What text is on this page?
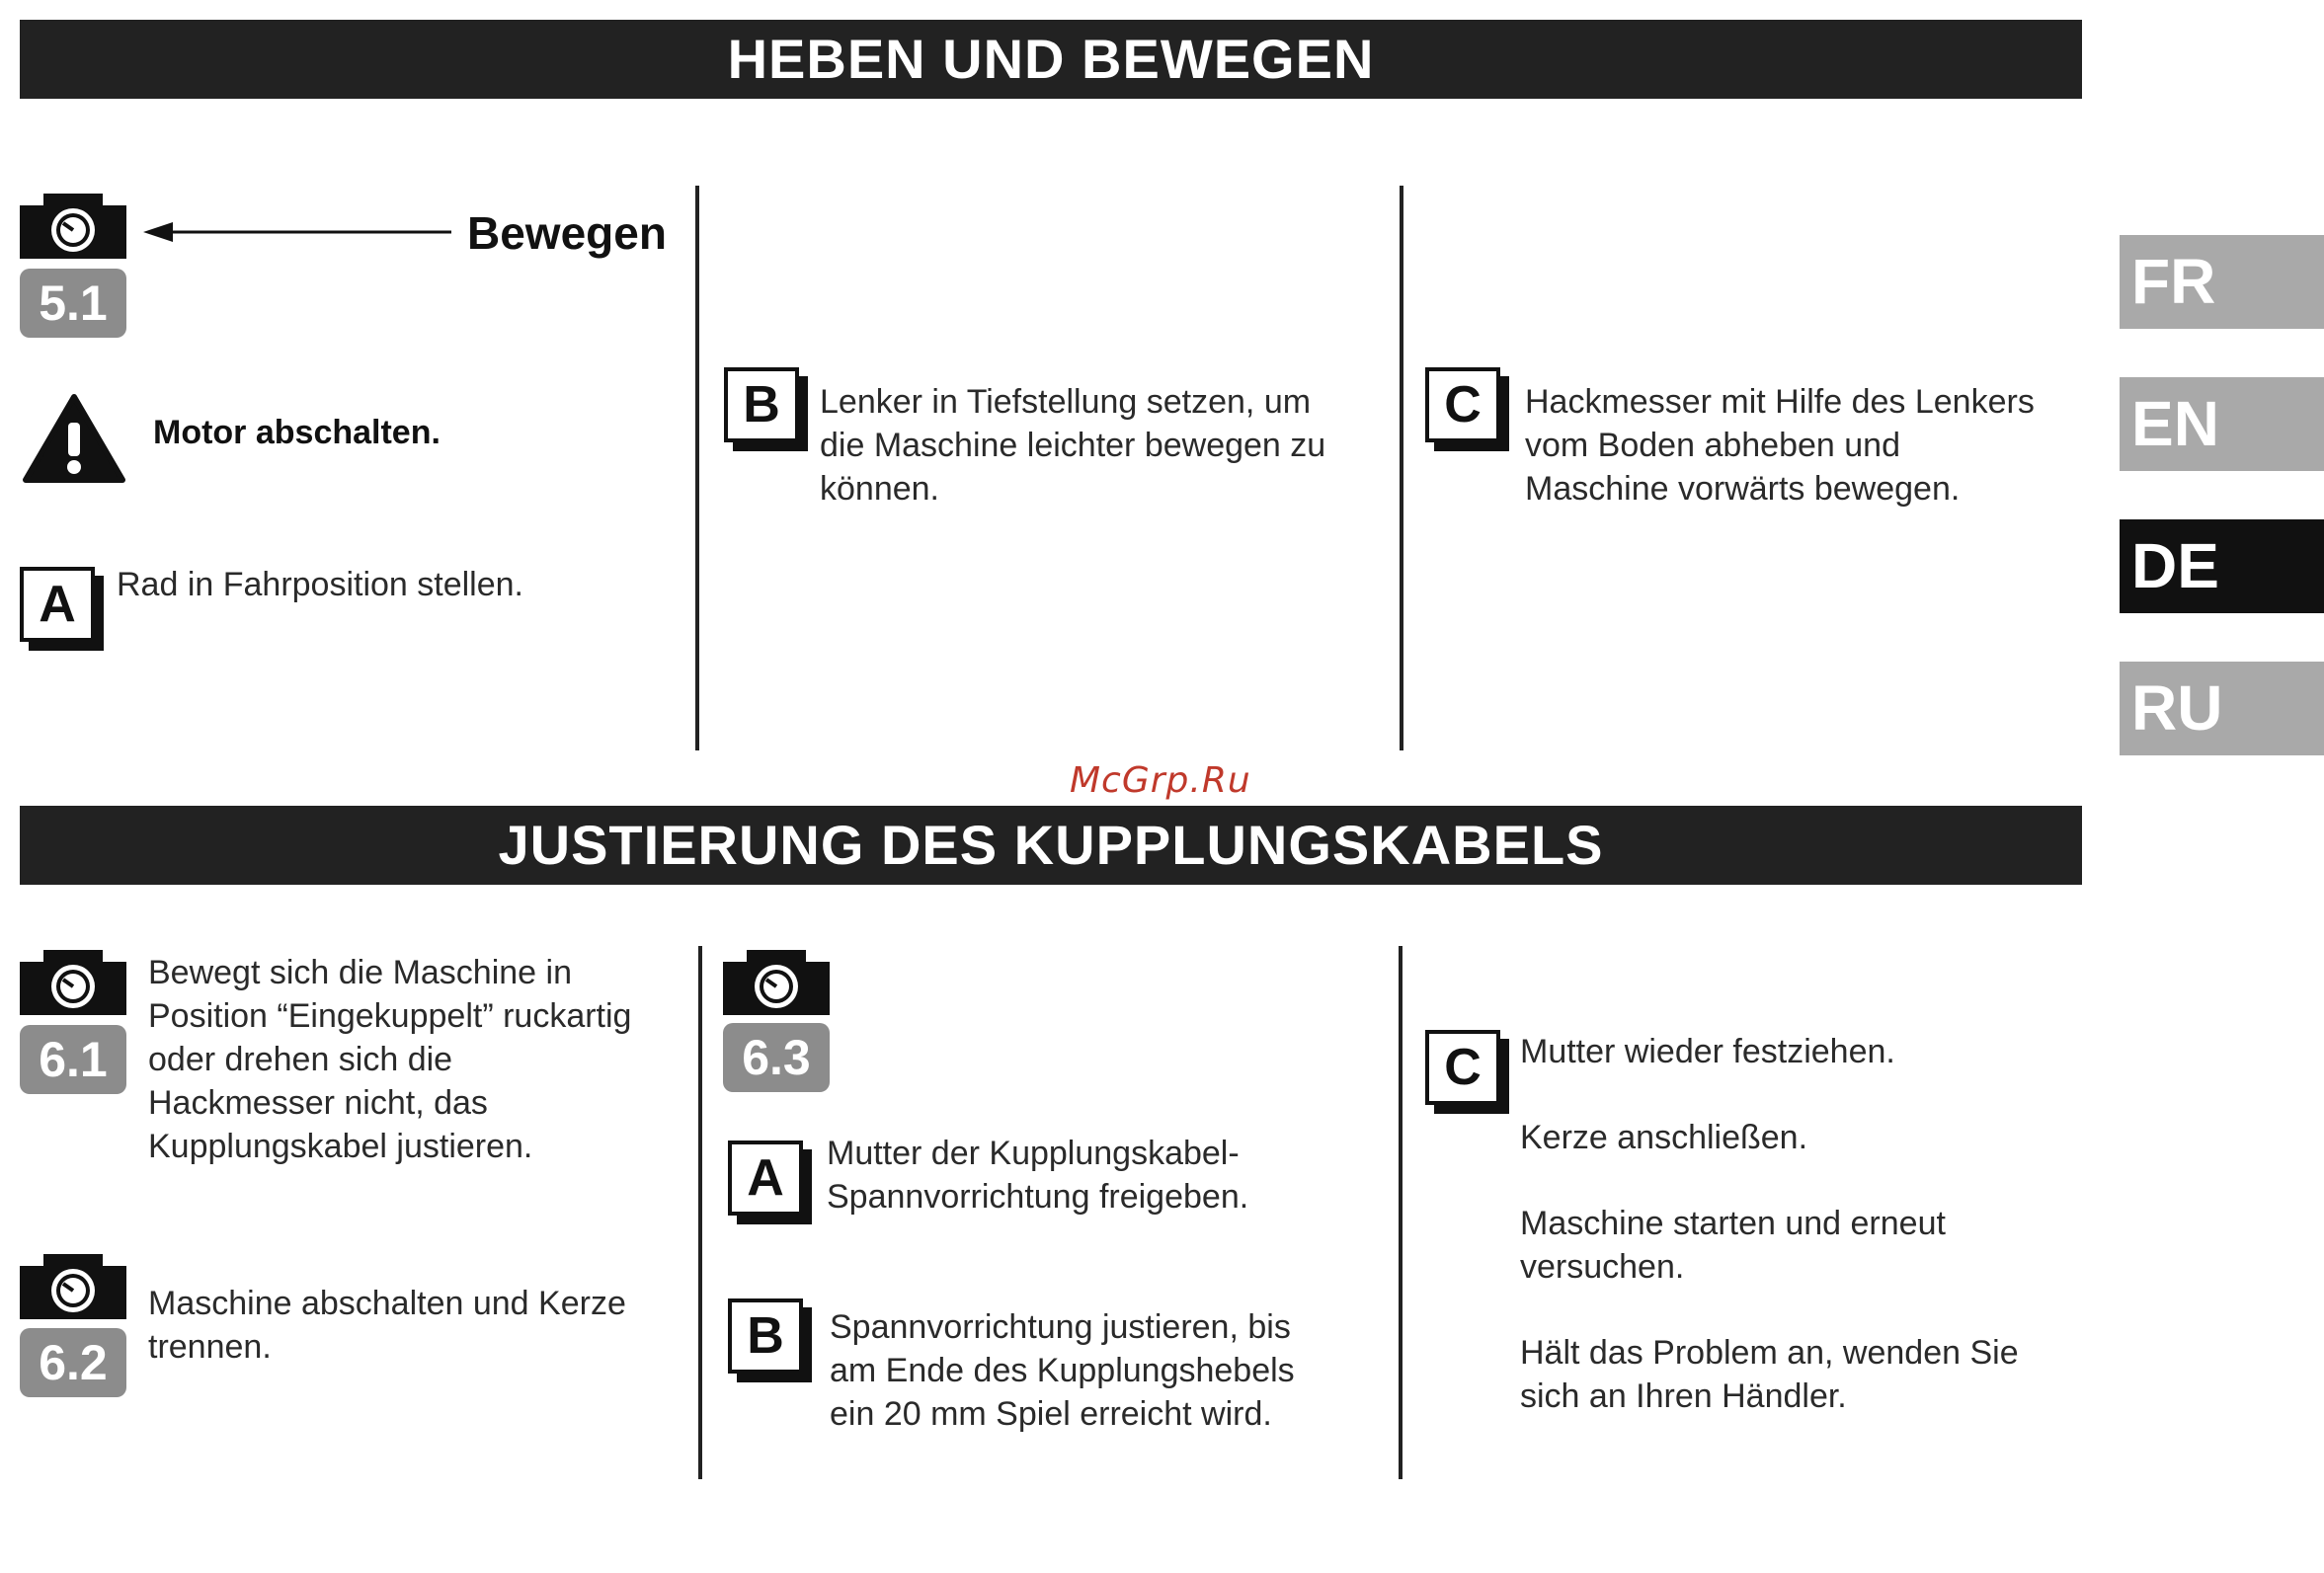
HEBEN UND BEWEGEN
5.1
Bewegen
Motor abschalten.
A	Rad in Fahrposition stellen.
B	Lenker in Tiefstellung setzen, um
die Maschine leichter bewegen zu
können.
C	Hackmesser mit Hilfe des Lenkers
vom Boden abheben und
Maschine vorwärts bewegen.
McGrp.Ru
JUSTIERUNG DES KUPPLUNGSKABELS
6.1
Bewegt sich die Maschine in
Position “Eingekuppelt” ruckartig
oder drehen sich die
Hackmesser nicht, das
Kupplungskabel justieren.
6.2
Maschine abschalten und Kerze
trennen.
6.3
A	Mutter der Kupplungskabel-
Spannvorrichtung freigeben.
B	Spannvorrichtung justieren, bis
am Ende des Kupplungshebels
ein 20 mm Spiel erreicht wird.
C	Mutter wieder festziehen.
Kerze anschließen.
Maschine starten und erneut
versuchen.
Hält das Problem an, wenden Sie
sich an Ihren Händler.
FR
EN
DE
RU
